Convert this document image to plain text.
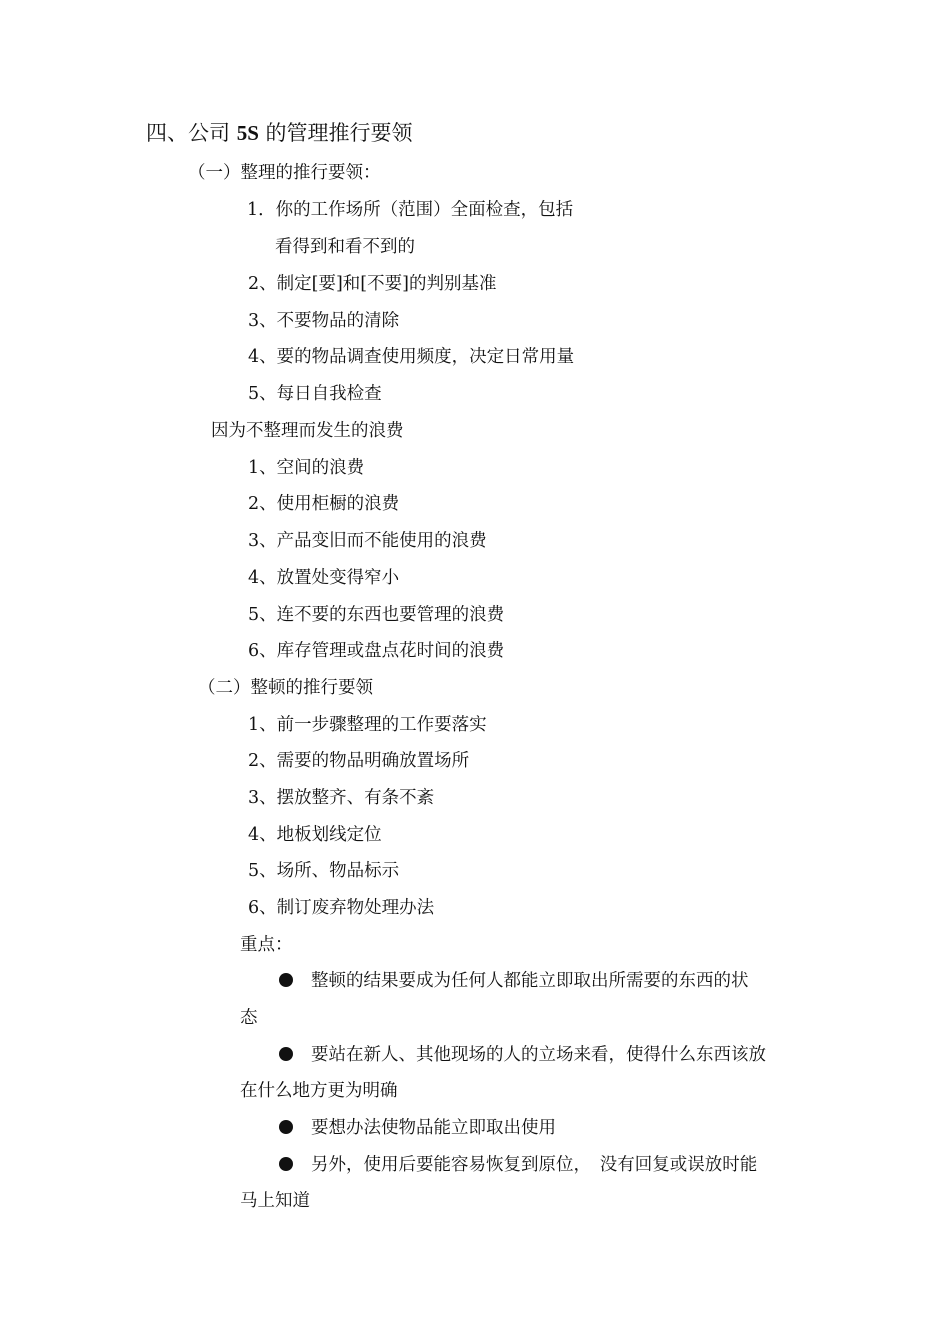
四、公司 5S 的管理推行要领
（一）整理的推行要领：
1．你的工作场所（范围）全面检查，包括
看得到和看不到的
2、制定[要]和[不要]的判别基准
3、不要物品的清除
4、要的物品调查使用频度，决定日常用量
5、每日自我检查
因为不整理而发生的浪费
1、空间的浪费
2、使用柜橱的浪费
3、产品变旧而不能使用的浪费
4、放置处变得窄小
5、连不要的东西也要管理的浪费
6、库存管理或盘点花时间的浪费
（二）整顿的推行要领
1、前一步骤整理的工作要落实
2、需要的物品明确放置场所
3、摆放整齐、有条不紊
4、地板划线定位
5、场所、物品标示
6、制订废弃物处理办法
重点：
整顿的结果要成为任何人都能立即取出所需要的东西的状
态
要站在新人、其他现场的人的立场来看，使得什么东西该放
在什么地方更为明确
要想办法使物品能立即取出使用
另外，使用后要能容易恢复到原位，　没有回复或误放时能
马上知道
